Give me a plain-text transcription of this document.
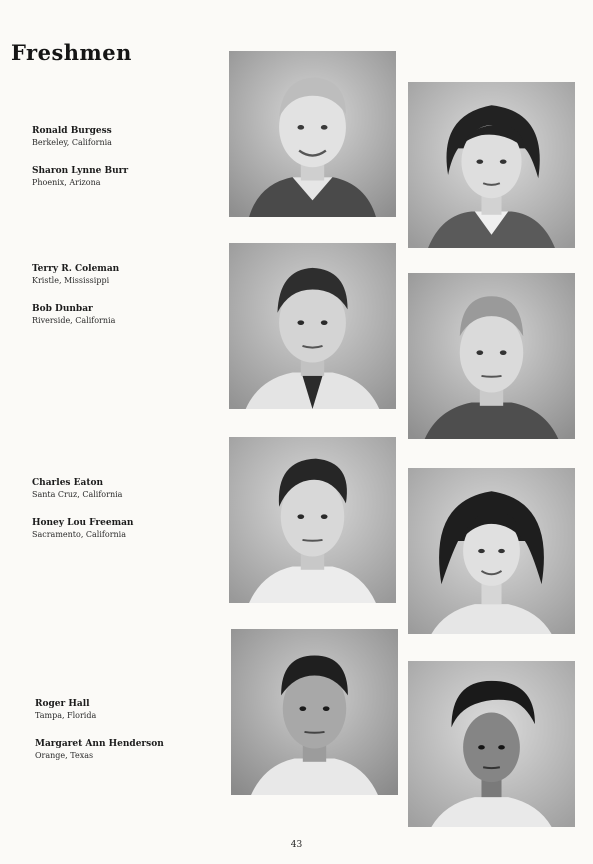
Freshmen
Ronald Burgess
Berkeley, California
Sharon Lynne Burr
Phoenix, Arizona
Terry R. Coleman
Kristle, Mississippi
Bob Dunbar
Riverside, California
Charles Eaton
Santa Cruz, California
Honey Lou Freeman
Sacramento, California
Roger Hall
Tampa, Florida
Margaret Ann Henderson
Orange, Texas
43
